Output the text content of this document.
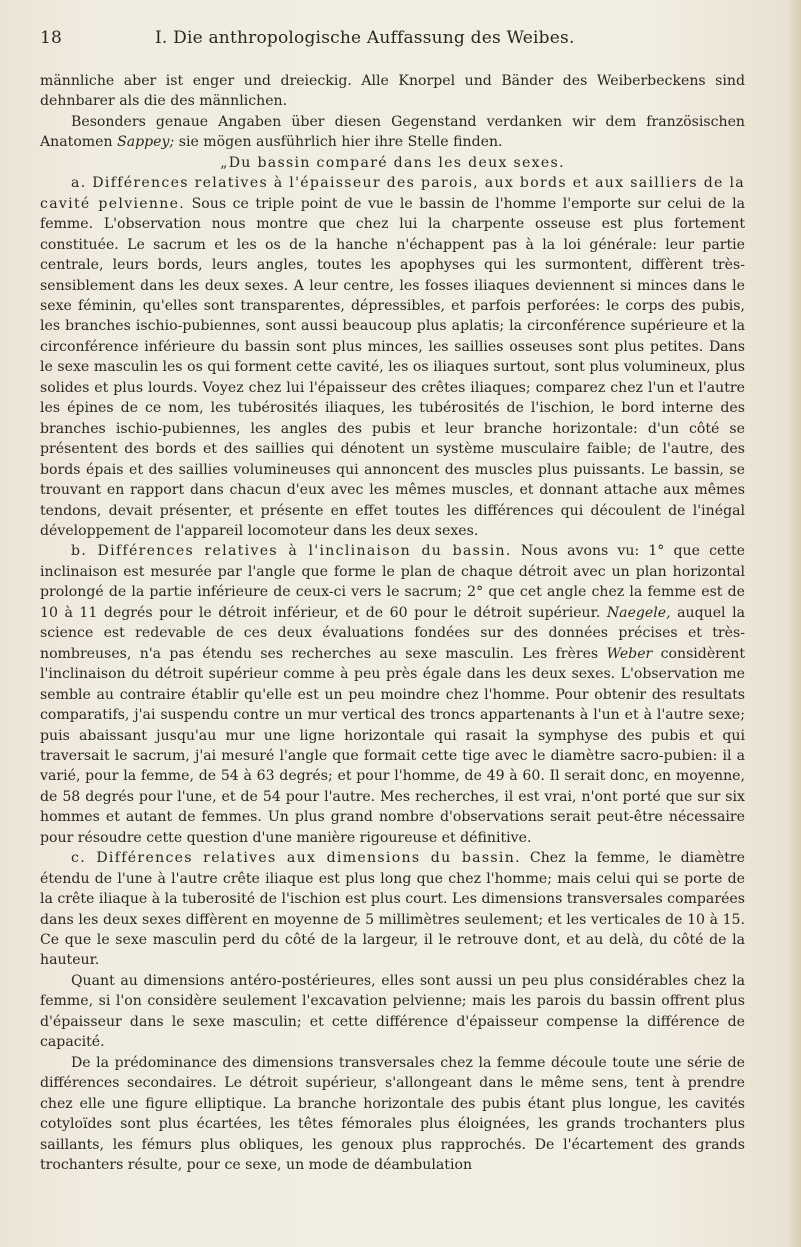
18	I. Die anthropologische Auffassung des Weibes.

männliche aber ist enger und dreieckig. Alle Knorpel und Bänder des Weiberbeckens sind dehnbarer als die des männlichen.

Besonders genaue Angaben über diesen Gegenstand verdanken wir dem französischen Anatomen Sappey; sie mögen ausführlich hier ihre Stelle finden.

„Du bassin comparé dans les deux sexes.

a. Différences relatives à l'épaisseur des parois, aux bords et aux sailliers de la cavité pelvienne. Sous ce triple point de vue le bassin de l'homme l'emporte sur celui de la femme. L'observation nous montre que chez lui la charpente osseuse est plus fortement constituée. Le sacrum et les os de la hanche n'échappent pas à la loi générale: leur partie centrale, leurs bords, leurs angles, toutes les apophyses qui les surmontent, diffèrent très-sensiblement dans les deux sexes. A leur centre, les fosses iliaques deviennent si minces dans le sexe féminin, qu'elles sont transparentes, dépressibles, et parfois perforées: le corps des pubis, les branches ischio-pubiennes, sont aussi beaucoup plus aplatis; la circonférence supérieure et la circonférence inférieure du bassin sont plus minces, les saillies osseuses sont plus petites. Dans le sexe masculin les os qui forment cette cavité, les os iliaques surtout, sont plus volumineux, plus solides et plus lourds. Voyez chez lui l'épaisseur des crêtes iliaques; comparez chez l'un et l'autre les épines de ce nom, les tubérosités iliaques, les tubérosités de l'ischion, le bord interne des branches ischio-pubiennes, les angles des pubis et leur branche horizontale: d'un côté se présentent des bords et des saillies qui dénotent un système musculaire faible; de l'autre, des bords épais et des saillies volumineuses qui annoncent des muscles plus puissants. Le bassin, se trouvant en rapport dans chacun d'eux avec les mêmes muscles, et donnant attache aux mêmes tendons, devait présenter, et présente en effet toutes les différences qui découlent de l'inégal développement de l'appareil locomoteur dans les deux sexes.

b. Différences relatives à l'inclinaison du bassin. Nous avons vu: 1° que cette inclinaison est mesurée par l'angle que forme le plan de chaque détroit avec un plan horizontal prolongé de la partie inférieure de ceux-ci vers le sacrum; 2° que cet angle chez la femme est de 10 à 11 degrés pour le détroit inférieur, et de 60 pour le détroit supérieur. Naegele, auquel la science est redevable de ces deux évaluations fondées sur des données précises et très-nombreuses, n'a pas étendu ses recherches au sexe masculin. Les frères Weber considèrent l'inclinaison du détroit supérieur comme à peu près égale dans les deux sexes. L'observation me semble au contraire établir qu'elle est un peu moindre chez l'homme. Pour obtenir des resultats comparatifs, j'ai suspendu contre un mur vertical des troncs appartenants à l'un et à l'autre sexe; puis abaissant jusqu'au mur une ligne horizontale qui rasait la symphyse des pubis et qui traversait le sacrum, j'ai mesuré l'angle que formait cette tige avec le diamètre sacro-pubien: il a varié, pour la femme, de 54 à 63 degrés; et pour l'homme, de 49 à 60. Il serait donc, en moyenne, de 58 degrés pour l'une, et de 54 pour l'autre. Mes recherches, il est vrai, n'ont porté que sur six hommes et autant de femmes. Un plus grand nombre d'observations serait peut-être nécessaire pour résoudre cette question d'une manière rigoureuse et définitive.

c. Différences relatives aux dimensions du bassin. Chez la femme, le diamètre étendu de l'une à l'autre crête iliaque est plus long que chez l'homme; mais celui qui se porte de la crête iliaque à la tuberosité de l'ischion est plus court. Les dimensions transversales comparées dans les deux sexes diffèrent en moyenne de 5 millimètres seulement; et les verticales de 10 à 15. Ce que le sexe masculin perd du côté de la largeur, il le retrouve dont, et au delà, du côté de la hauteur.

Quant au dimensions antéro-postérieures, elles sont aussi un peu plus considérables chez la femme, si l'on considère seulement l'excavation pelvienne; mais les parois du bassin offrent plus d'épaisseur dans le sexe masculin; et cette différence d'épaisseur compense la différence de capacité.

De la prédominance des dimensions transversales chez la femme découle toute une série de différences secondaires. Le détroit supérieur, s'allongeant dans le même sens, tent à prendre chez elle une figure elliptique. La branche horizontale des pubis étant plus longue, les cavités cotyloïdes sont plus écartées, les têtes fémorales plus éloignées, les grands trochanters plus saillants, les fémurs plus obliques, les genoux plus rapprochés. De l'écartement des grands trochanters résulte, pour ce sexe, un mode de déambulation
